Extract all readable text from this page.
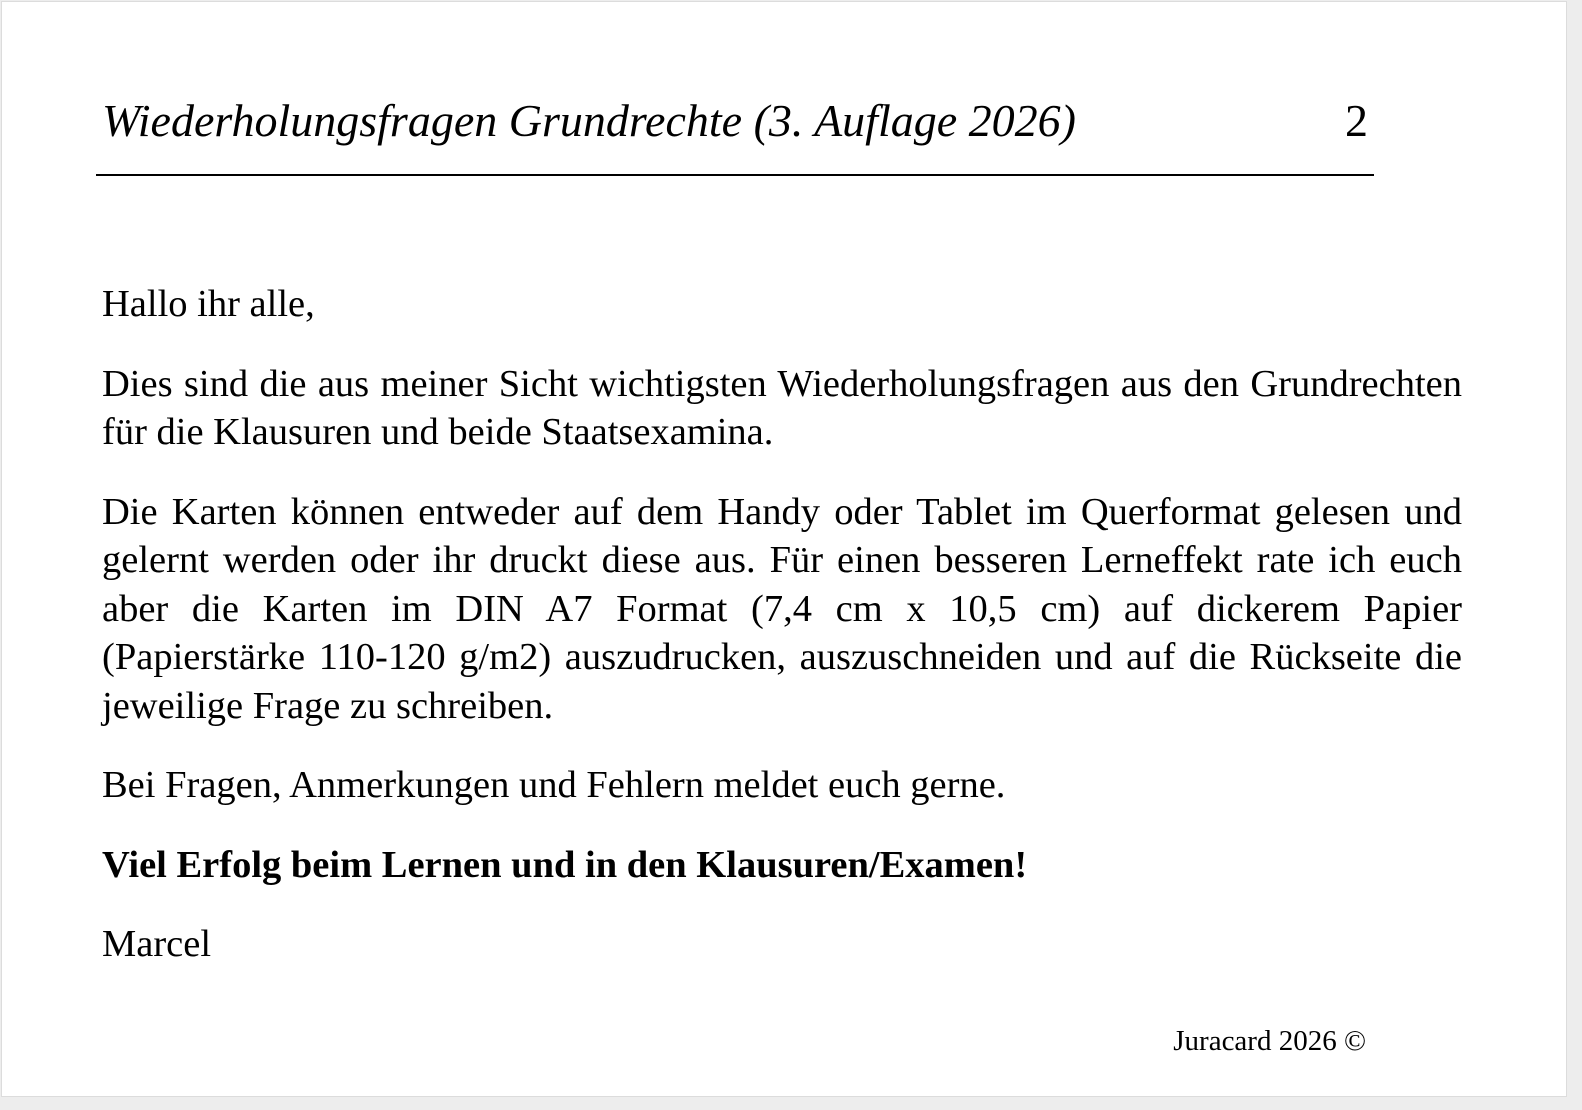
Wiederholungsfragen Grundrechte (3. Auflage 2026)	2

Hallo ihr alle,

Dies sind die aus meiner Sicht wichtigsten Wiederholungsfragen aus den Grundrechten für die Klausuren und beide Staatsexamina.

Die Karten können entweder auf dem Handy oder Tablet im Querformat gelesen und gelernt werden oder ihr druckt diese aus. Für einen besseren Lerneffekt rate ich euch aber die Karten im DIN A7 Format (7,4 cm x 10,5 cm) auf dickerem Papier (Papierstärke 110-120 g/m2) auszudrucken, auszuschneiden und auf die Rückseite die jeweilige Frage zu schreiben.

Bei Fragen, Anmerkungen und Fehlern meldet euch gerne.

Viel Erfolg beim Lernen und in den Klausuren/Examen!

Marcel

Juracard 2026 ©
